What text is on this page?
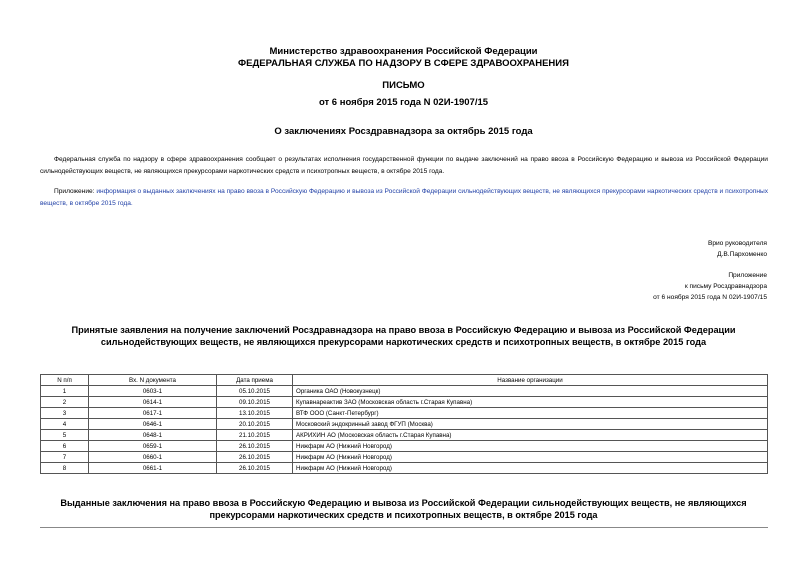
Министерство здравоохранения Российской Федерации
ФЕДЕРАЛЬНАЯ СЛУЖБА ПО НАДЗОРУ В СФЕРЕ ЗДРАВООХРАНЕНИЯ
ПИСЬМО
от 6 ноября 2015 года N 02И-1907/15
О заключениях Росздравнадзора за октябрь 2015 года
Федеральная служба по надзору в сфере здравоохранения сообщает о результатах исполнения государственной функции по выдаче заключений на право ввоза в Российскую Федерацию и вывоза из Российской Федерации сильнодействующих веществ, не являющихся прекурсорами наркотических средств и психотропных веществ, в октябре 2015 года.
Приложение: информация о выданных заключениях на право ввоза в Российскую Федерацию и вывоза из Российской Федерации сильнодействующих веществ, не являющихся прекурсорами наркотических средств и психотропных веществ, в октябре 2015 года.
Врио руководителя
Д.В.Пархоменко
Приложение
к письму Росздравнадзора
от 6 ноября 2015 года N 02И-1907/15
Принятые заявления на получение заключений Росздравнадзора на право ввоза в Российскую Федерацию и вывоза из Российской Федерации сильнодействующих веществ, не являющихся прекурсорами наркотических средств и психотропных веществ, в октябре 2015 года
N п/п	Вх. N документа	Дата приема	Название организации
1	0603-1	05.10.2015	Органика ОАО (Новокузнецк)
2	0614-1	09.10.2015	Купавнареактив ЗАО (Московская область г.Старая Купавна)
3	0617-1	13.10.2015	ВТФ ООО (Санкт-Петербург)
4	0646-1	20.10.2015	Московский эндокринный завод ФГУП (Москва)
5	0648-1	21.10.2015	АКРИХИН АО (Московская область г.Старая Купавна)
6	0659-1	26.10.2015	Нижфарм АО (Нижний Новгород)
7	0660-1	26.10.2015	Нижфарм АО (Нижний Новгород)
8	0661-1	26.10.2015	Нижфарм АО (Нижний Новгород)
Выданные заключения на право ввоза в Российскую Федерацию и вывоза из Российской Федерации сильнодействующих веществ, не являющихся прекурсорами наркотических средств и психотропных веществ, в октябре 2015 года
